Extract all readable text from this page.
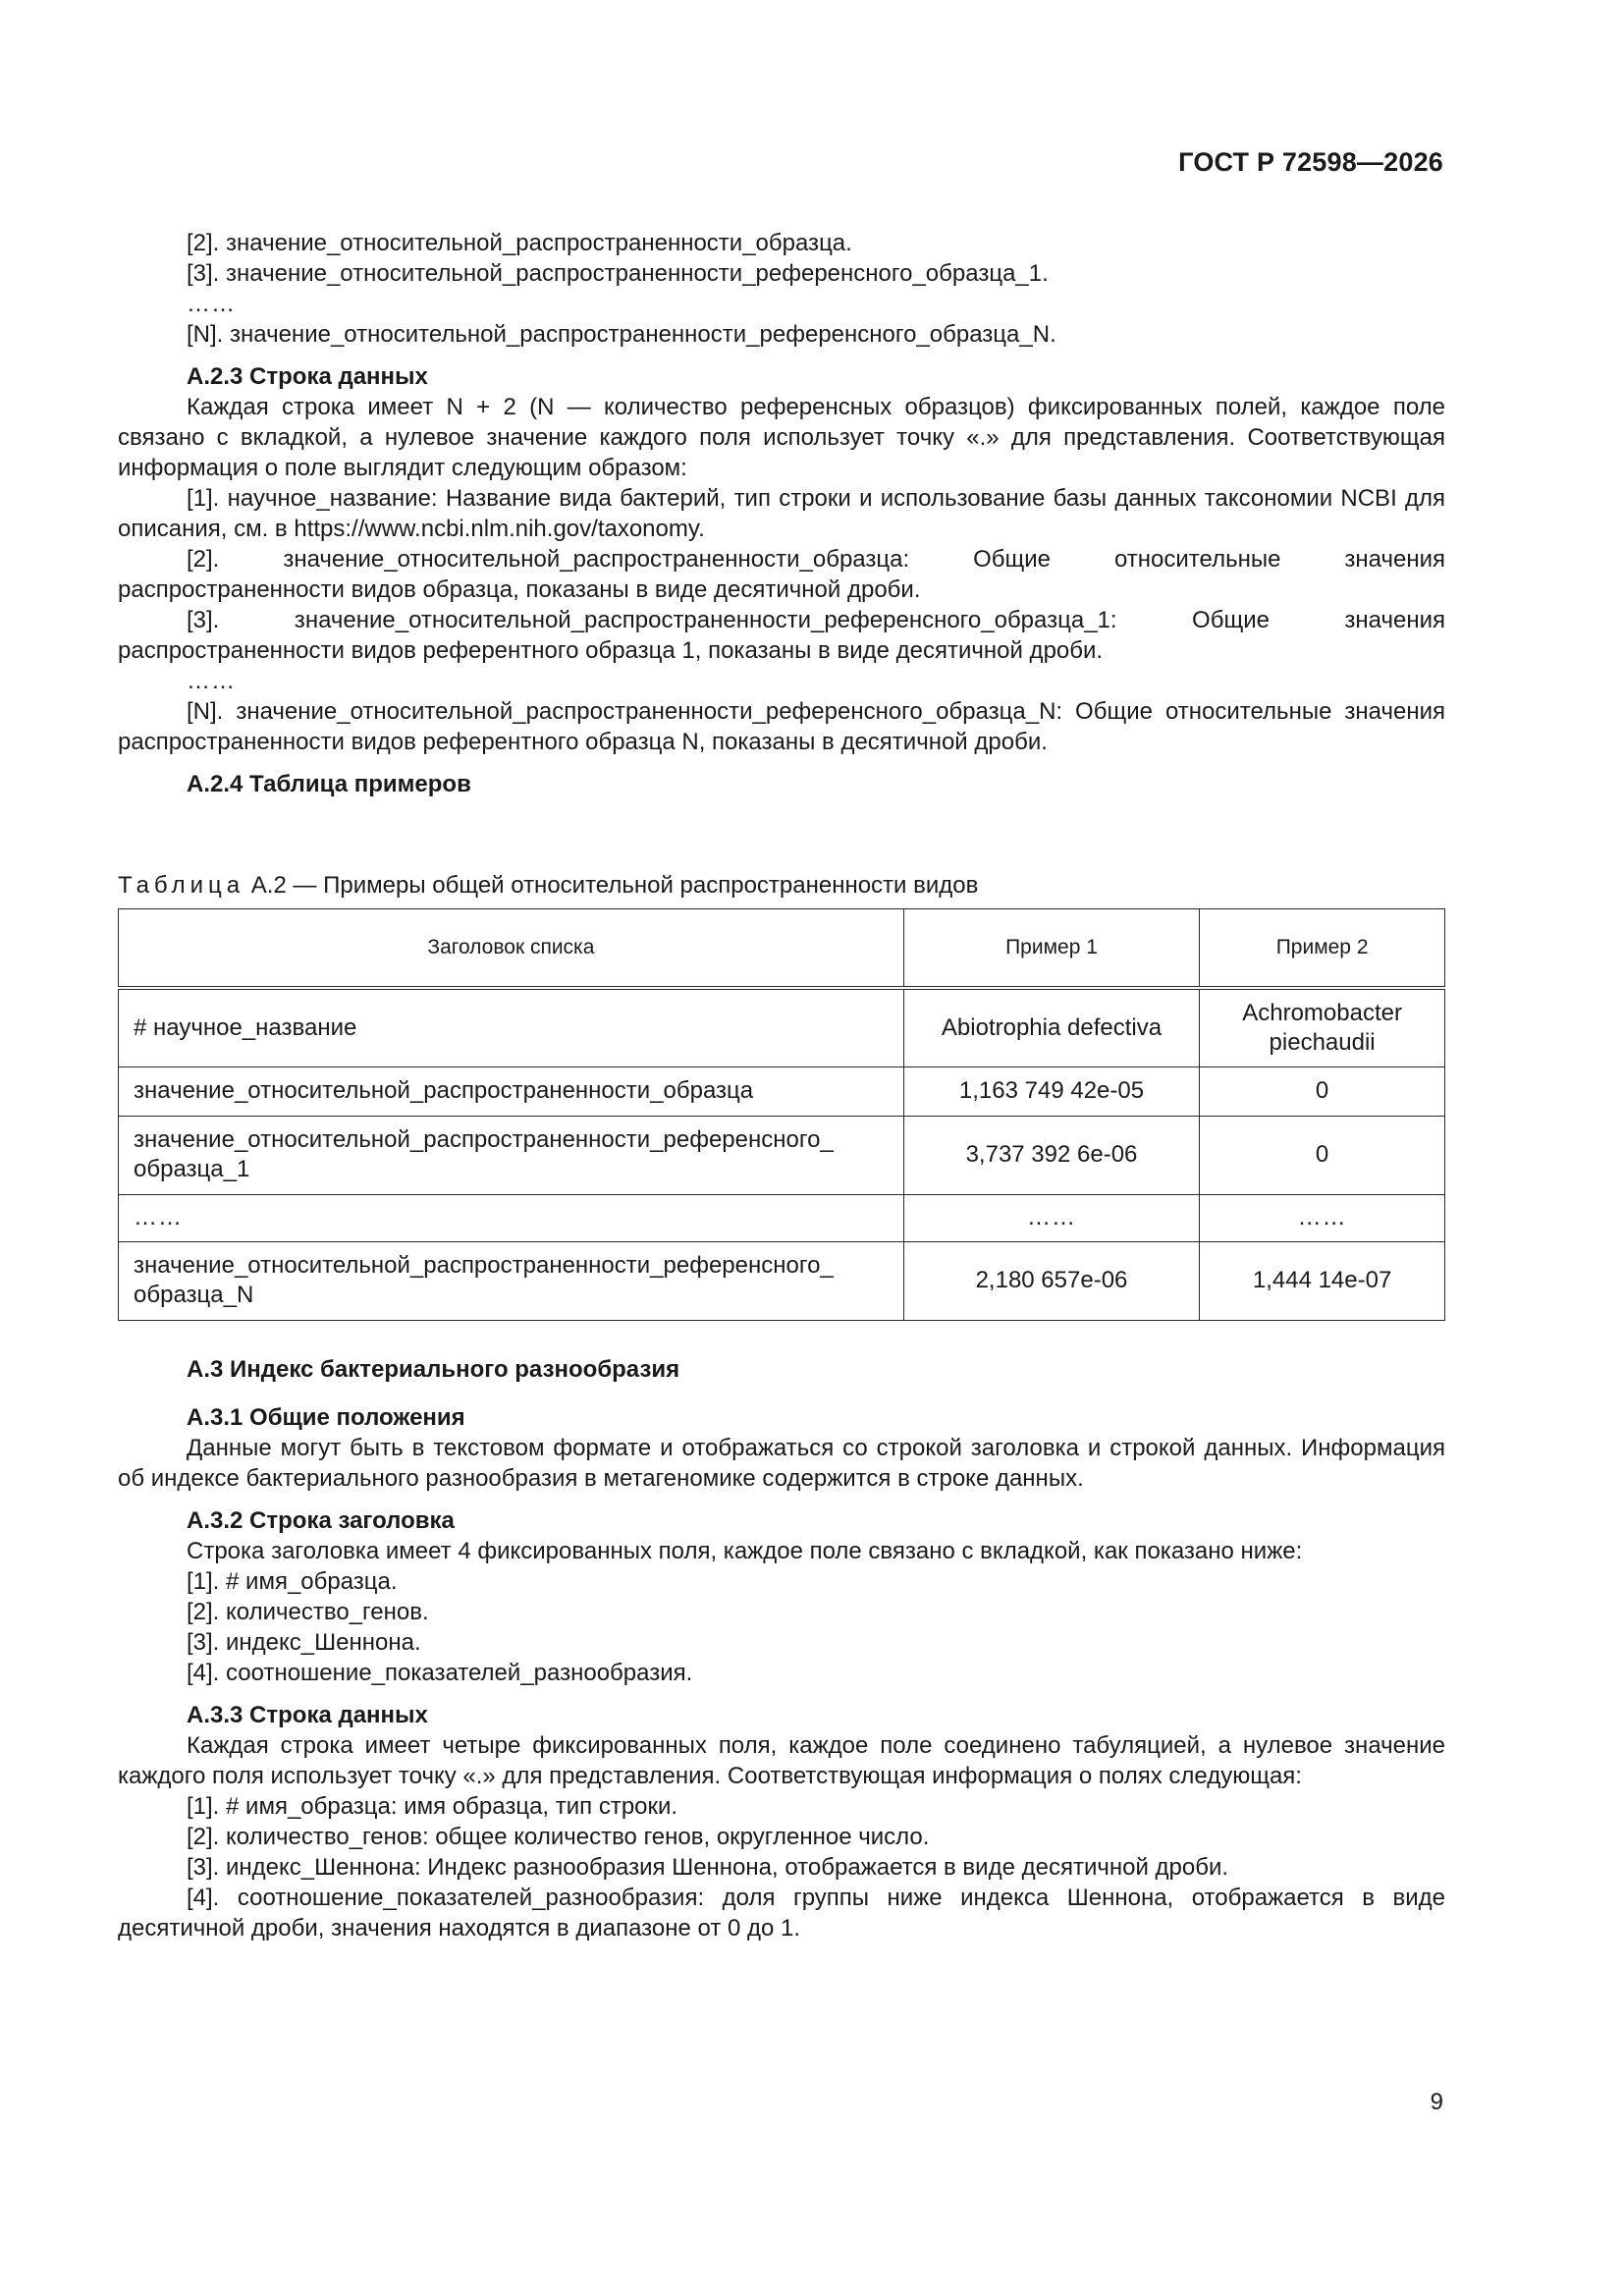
ГОСТ Р 72598—2026

[2]. значение_относительной_распространенности_образца.

[3]. значение_относительной_распространенности_референсного_образца_1.

……

[N]. значение_относительной_распространенности_референсного_образца_N.

А.2.3 Строка данных

Каждая строка имеет N + 2 (N — количество референсных образцов) фиксированных полей, каждое поле связано с вкладкой, а нулевое значение каждого поля использует точку «.» для представления. Соответствующая информация о поле выглядит следующим образом:

[1]. научное_название: Название вида бактерий, тип строки и использование базы данных таксономии NCBI для описания, см. в https://www.ncbi.nlm.nih.gov/taxonomy.

[2]. значение_относительной_распространенности_образца: Общие относительные значения распространенности видов образца, показаны в виде десятичной дроби.

[3]. значение_относительной_распространенности_референсного_образца_1: Общие значения распространенности видов референтного образца 1, показаны в виде десятичной дроби.

……

[N]. значение_относительной_распространенности_референсного_образца_N: Общие относительные значения распространенности видов референтного образца N, показаны в десятичной дроби.

А.2.4 Таблица примеров

Таблица А.2 — Примеры общей относительной распространенности видов

Заголовок списка	Пример 1	Пример 2
# научное_название	Abiotrophia defectiva	Achromobacter piechaudii
значение_относительной_распространенности_образца	1,163 749 42e-05	0
значение_относительной_распространенности_референсного_ образца_1	3,737 392 6e-06	0
……	……	……
значение_относительной_распространенности_референсного_ образца_N	2,180 657e-06	1,444 14e-07

А.3 Индекс бактериального разнообразия

А.3.1 Общие положения

Данные могут быть в текстовом формате и отображаться со строкой заголовка и строкой данных. Информация об индексе бактериального разнообразия в метагеномике содержится в строке данных.

А.3.2 Строка заголовка

Строка заголовка имеет 4 фиксированных поля, каждое поле связано с вкладкой, как показано ниже:

[1]. # имя_образца.

[2]. количество_генов.

[3]. индекс_Шеннона.

[4]. соотношение_показателей_разнообразия.

А.3.3 Строка данных

Каждая строка имеет четыре фиксированных поля, каждое поле соединено табуляцией, а нулевое значение каждого поля использует точку «.» для представления. Соответствующая информация о полях следующая:

[1]. # имя_образца: имя образца, тип строки.

[2]. количество_генов: общее количество генов, округленное число.

[3]. индекс_Шеннона: Индекс разнообразия Шеннона, отображается в виде десятичной дроби.

[4]. соотношение_показателей_разнообразия: доля группы ниже индекса Шеннона, отображается в виде десятичной дроби, значения находятся в диапазоне от 0 до 1.

9
